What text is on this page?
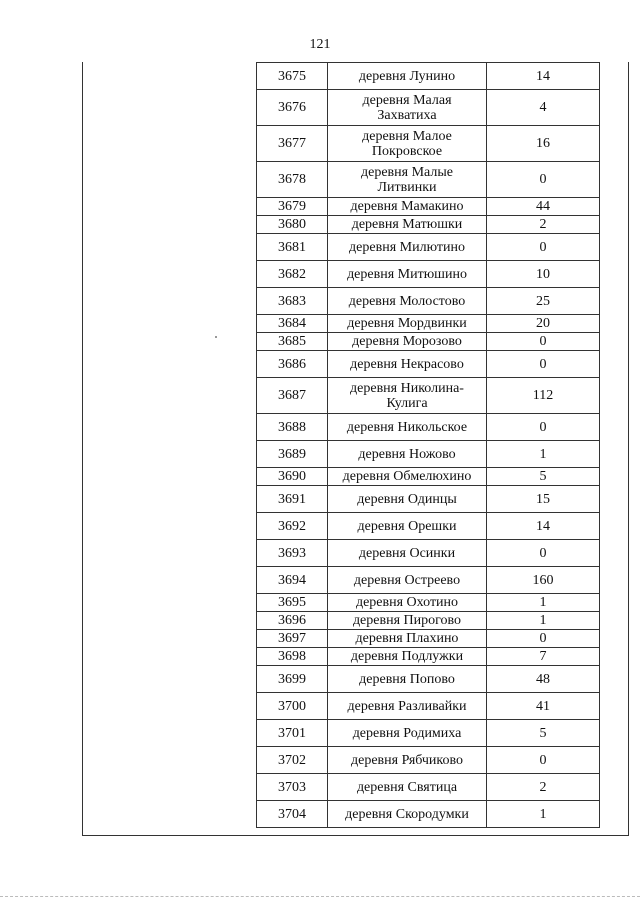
121
3675	деревня Лунино	14
3676	деревня Малая Захватиха	4
3677	деревня Малое Покровское	16
3678	деревня Малые Литвинки	0
3679	деревня Мамакино	44
3680	деревня Матюшки	2
3681	деревня Милютино	0
3682	деревня Митюшино	10
3683	деревня Молостово	25
3684	деревня Мордвинки	20
3685	деревня Морозово	0
3686	деревня Некрасово	0
3687	деревня Николина-Кулига	112
3688	деревня Никольское	0
3689	деревня Ножово	1
3690	деревня Обмелюхино	5
3691	деревня Одинцы	15
3692	деревня Орешки	14
3693	деревня Осинки	0
3694	деревня Остреево	160
3695	деревня Охотино	1
3696	деревня Пирогово	1
3697	деревня Плахино	0
3698	деревня Подлужки	7
3699	деревня Попово	48
3700	деревня Разливайки	41
3701	деревня Родимиха	5
3702	деревня Рябчиково	0
3703	деревня Святица	2
3704	деревня Скородумки	1
